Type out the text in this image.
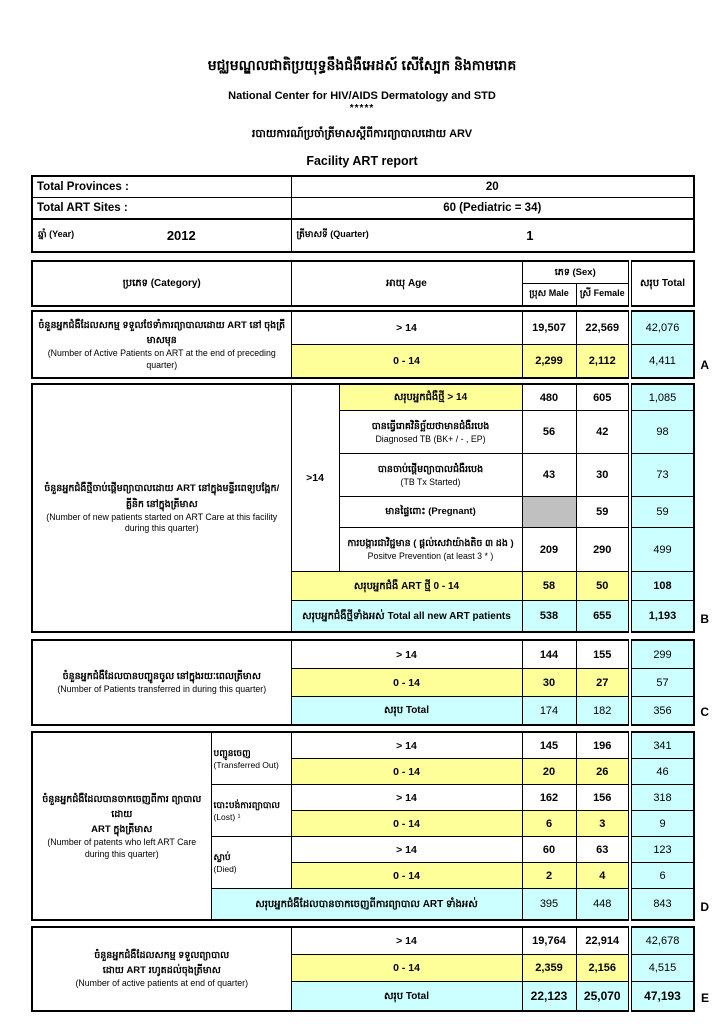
មជ្ឈមណ្ឌលជាតិប្រយុទ្ធនឹងជំងឺអេដស៍ សើស្បែក និងកាមរោគ
National Center for HIV/AIDS Dermatology and STD
*****
របាយការណ៍ប្រចាំត្រីមាសស្តីពីការព្យាបាលដោយ ARV
Facility ART report
Total Provinces :	20
Total ART Sites :	60 (Pediatric = 34)

ឆ្នាំ (Year) 2012	ត្រីមាសទី (Quarter) 1
ប្រភេទ (Category)	អាយុ Age	ភេទ (Sex)		សរុប Total
		ប្រុស Male	ស្រី Female	
ចំនួនអ្នកជំងឺដែលសកម្ម ទទួលថែទាំការព្យាបាលដោយ ART នៅ ចុងត្រីមាសមុន
(Number of Active Patients on ART at the end of preceding quarter)	> 14	19,507	22,569	42,076
	0 - 14	2,299	2,112	4,411 A
ចំនួនអ្នកជំងឺថ្មីចាប់ផ្តើមព្យាបាលដោយ ART នៅក្នុងមន្ទីរពេទ្យបង្អែក/ គ្លីនិក នៅក្នុងត្រីមាស
(Number of new patients started on ART Care at this facility during this quarter)	>14	សរុបអ្នកជំងឺថ្មី > 14	480	605	1,085

		បានធ្វើរោគវិនិច្ឆ័យថាមានជំងឺរបេង
Diagnosed TB (BK+ / - , EP)	56	42	98

		បានចាប់ផ្តើមព្យាបាលជំងឺរបេង
(TB Tx Started)	43	30	73

		មានផ្ទៃពោះ (Pregnant)		59	59

		ការបង្ការជាវិជ្ជមាន ( ផ្តល់សេវាយ៉ាងតិច ៣ ដង )
Positve Prevention (at least 3 * )	209	290	499
	សរុបអ្នកជំងឺ ART ថ្មី 0 - 14		58	50	108
	សរុបអ្នកជំងឺថ្មីទាំងអស់ Total all new ART patients		538	655	1,193 B
ចំនួនអ្នកជំងឺដែលបានបញ្ជូនចូល នៅក្នុងរយៈពេលត្រីមាស
(Number of Patients transferred in during this quarter)	> 14	144	155	299
	0 - 14	30	27	57
	សរុប Total	174	182	356 C
ចំនួនអ្នកជំងឺដែលបានចាកចេញពីការ ព្យាបាលដោយ
ART ក្នុងត្រីមាស
(Number of patents who left ART Care during this quarter)	បញ្ជូនចេញ
(Transferred Out)	> 14	145	196	341
		0 - 14	20	26	46

	បោះបង់ការព្យាបាល
(Lost) ¹	> 14	162	156	318
		0 - 14	6	3	9

	ស្លាប់
(Died)	> 14	60	63	123
		0 - 14	2	4	6
	សរុបអ្នកជំងឺដែលបានចាកចេញពីការព្យាបាល ART ទាំងអស់		395	448	843 D
ចំនួនអ្នកជំងឺដែលសកម្ម ទទួលព្យាបាល
ដោយ ART រហូតដល់ចុងត្រីមាស
(Number of active patients at end of quarter)	> 14	19,764	22,914	42,678
	0 - 14	2,359	2,156	4,515
	សរុប Total	22,123	25,070	47,193 E
